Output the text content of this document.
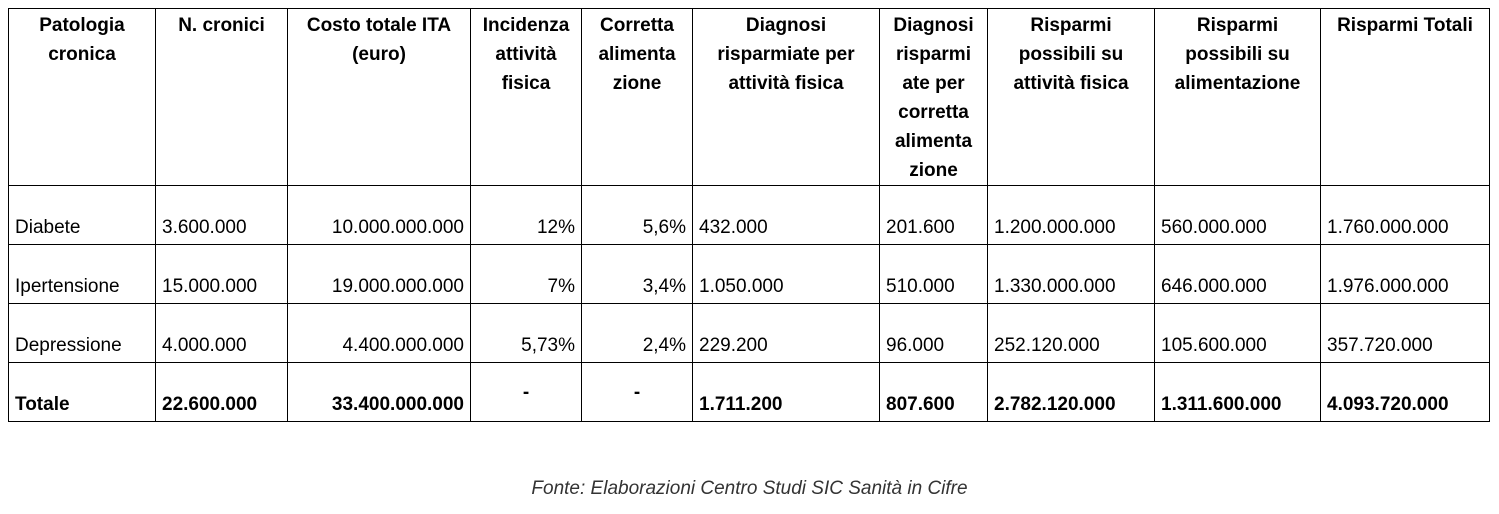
Patologia cronica	N. cronici	Costo totale ITA (euro)	Incidenza attività fisica	Corretta alimenta zione	Diagnosi risparmiate per attività fisica	Diagnosi risparmi ate per corretta alimenta zione	Risparmi possibili su attività fisica	Risparmi possibili su alimentazione	Risparmi Totali
Diabete	3.600.000	10.000.000.000	12%	5,6%	432.000	201.600	1.200.000.000	560.000.000	1.760.000.000
Ipertensione	15.000.000	19.000.000.000	7%	3,4%	1.050.000	510.000	1.330.000.000	646.000.000	1.976.000.000
Depressione	4.000.000	4.400.000.000	5,73%	2,4%	229.200	96.000	252.120.000	105.600.000	357.720.000
Totale	22.600.000	33.400.000.000	-	-	1.711.200	807.600	2.782.120.000	1.311.600.000	4.093.720.000
Fonte: Elaborazioni Centro Studi SIC Sanità in Cifre
